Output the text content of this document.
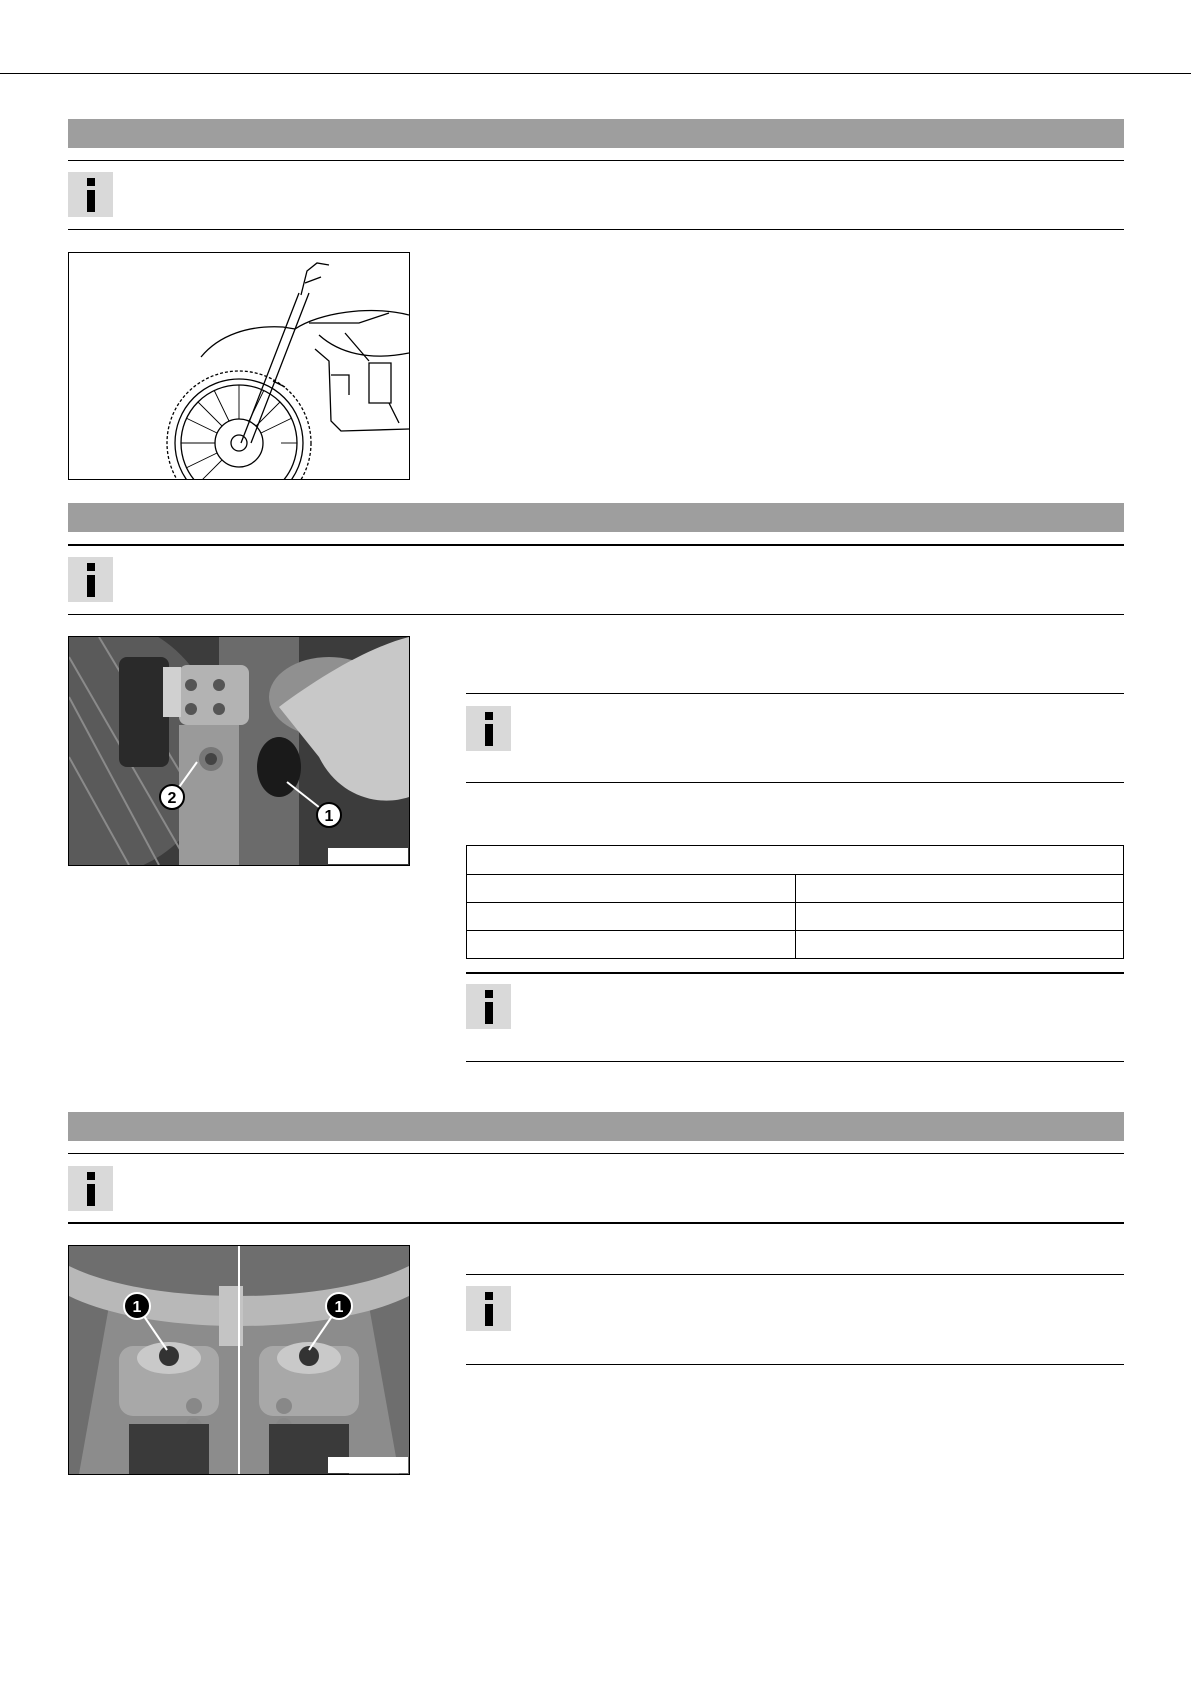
2
1

1	1
